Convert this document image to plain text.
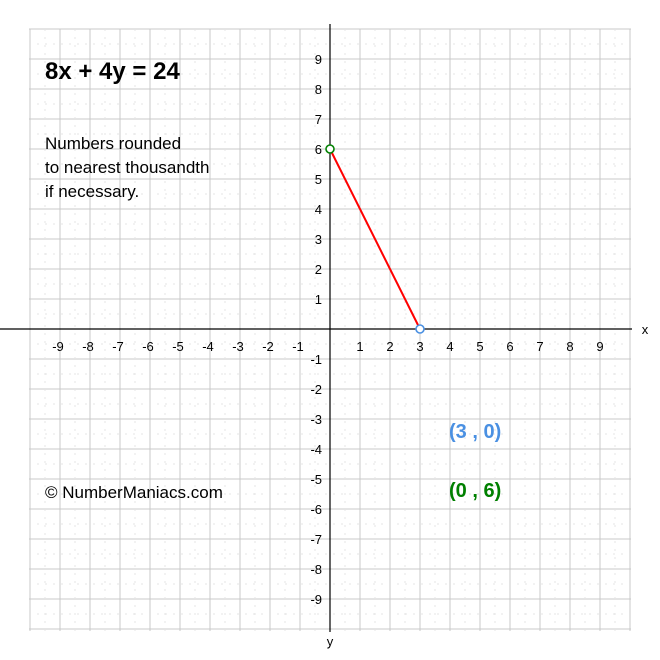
x
y
-9 -8 -7 -6 -5 -4 -3 -2 -1	1 2 3 4 5 6 7 8 9
9
8
7
6
5
4
3
2
1
-1
-2
-3
-4
-5
-6
-7
-8
-9
8x + 4y = 24
Numbers rounded
to nearest thousandth
if necessary.
© NumberManiacs.com
(3 , 0)
(0 , 6)
